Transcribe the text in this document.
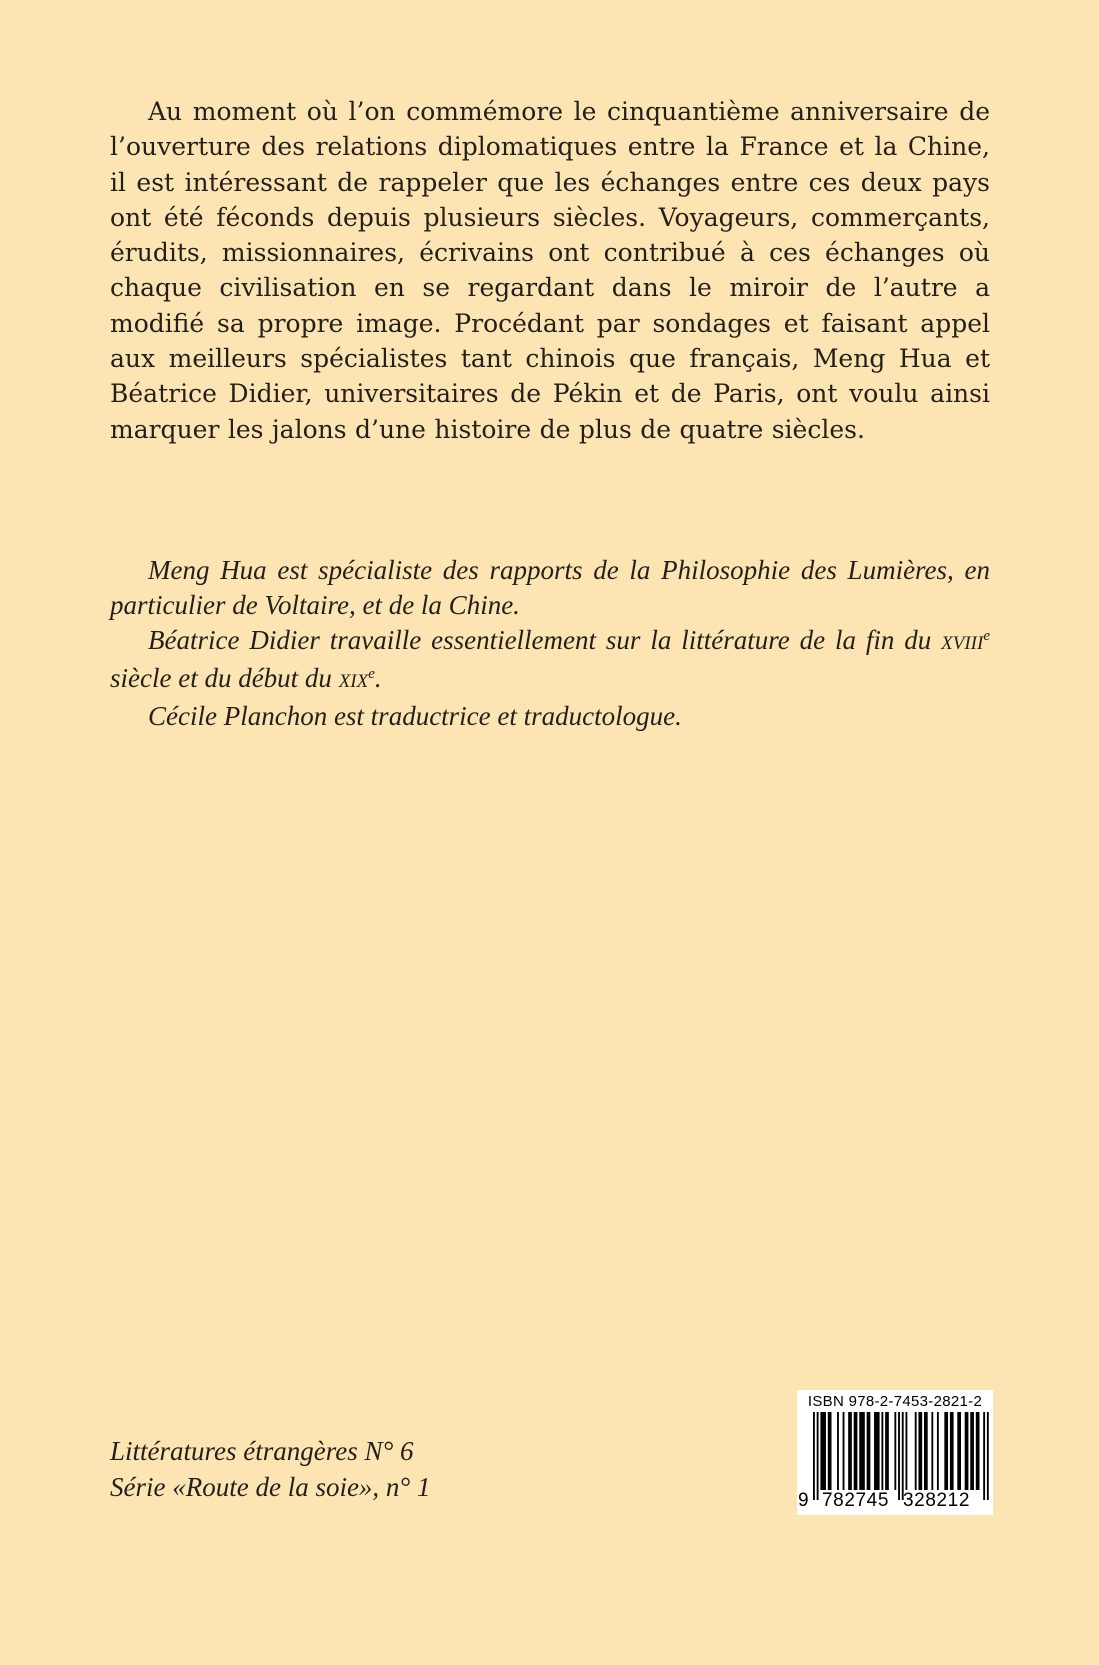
Au moment où l’on commémore le cinquantième anniversaire de l’ouverture des relations diplomatiques entre la France et la Chine, il est intéressant de rappeler que les échanges entre ces deux pays ont été féconds depuis plusieurs siècles. Voyageurs, commerçants, érudits, missionnaires, écrivains ont contribué à ces échanges où chaque civilisation en se regardant dans le miroir de l’autre a modifié sa propre image. Procédant par sondages et faisant appel aux meilleurs spécialistes tant chinois que français, Meng Hua et Béatrice Didier, universitaires de Pékin et de Paris, ont voulu ainsi marquer les jalons d’une histoire de plus de quatre siècles.

Meng Hua est spécialiste des rapports de la Philosophie des Lumières, en particulier de Voltaire, et de la Chine.

Béatrice Didier travaille essentiellement sur la littérature de la fin du XVIIIe siècle et du début du XIXe.

Cécile Planchon est traductrice et traductologue.

Littératures étrangères N° 6
Série «Route de la soie», n° 1
ISBN 978-2-7453-2821-2
9 782745 328212
